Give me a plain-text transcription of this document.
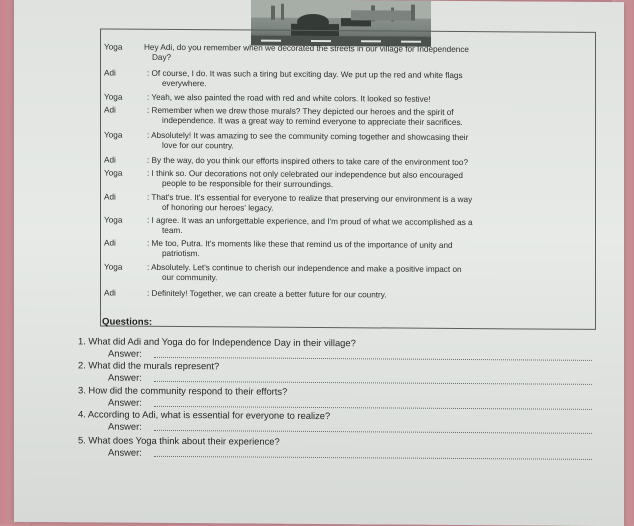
Yoga	Hey Adi, do you remember when we decorated the streets in our village for Independence
Day?
Adi	: Of course, I do. It was such a tiring but exciting day. We put up the red and white flags
everywhere.
Yoga	: Yeah, we also painted the road with red and white colors. It looked so festive!
Adi	: Remember when we drew those murals? They depicted our heroes and the spirit of
independence. It was a great way to remind everyone to appreciate their sacrifices.
Yoga	: Absolutely! It was amazing to see the community coming together and showcasing their
love for our country.
Adi	: By the way, do you think our efforts inspired others to take care of the environment too?
Yoga	: I think so. Our decorations not only celebrated our independence but also encouraged
people to be responsible for their surroundings.
Adi	: That's true. It's essential for everyone to realize that preserving our environment is a way
of honoring our heroes' legacy.
Yoga	: I agree. It was an unforgettable experience, and I'm proud of what we accomplished as a
team.
Adi	: Me too, Putra. It's moments like these that remind us of the importance of unity and
patriotism.
Yoga	: Absolutely. Let's continue to cherish our independence and make a positive impact on
our community.
Adi	: Definitely! Together, we can create a better future for our country.
Questions:
1. What did Adi and Yoga do for Independence Day in their village?
Answer:
2. What did the murals represent?
Answer:
3. How did the community respond to their efforts?
Answer:
4. According to Adi, what is essential for everyone to realize?
Answer:
5. What does Yoga think about their experience?
Answer:
